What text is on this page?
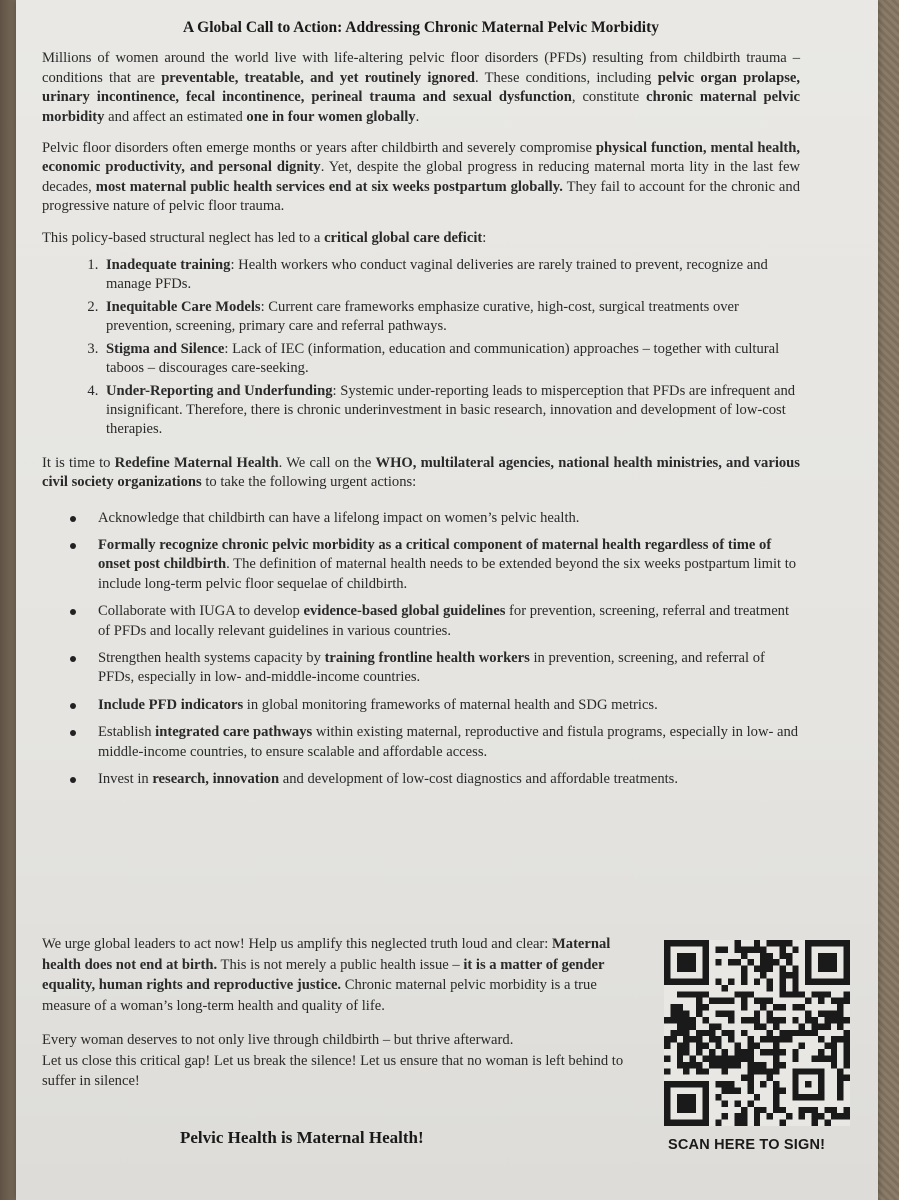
A Global Call to Action: Addressing Chronic Maternal Pelvic Morbidity

Millions of women around the world live with life-altering pelvic floor disorders (PFDs) resulting from childbirth trauma – conditions that are preventable, treatable, and yet routinely ignored. These conditions, including pelvic organ prolapse, urinary incontinence, fecal incontinence, perineal trauma and sexual dysfunction, constitute chronic maternal pelvic morbidity and affect an estimated one in four women globally.

Pelvic floor disorders often emerge months or years after childbirth and severely compromise physical function, mental health, economic productivity, and personal dignity. Yet, despite the global progress in reducing maternal morta lity in the last few decades, most maternal public health services end at six weeks postpartum globally. They fail to account for the chronic and progressive nature of pelvic floor trauma.

This policy-based structural neglect has led to a critical global care deficit:

1. Inadequate training: Health workers who conduct vaginal deliveries are rarely trained to prevent, recognize and manage PFDs.
2. Inequitable Care Models: Current care frameworks emphasize curative, high-cost, surgical treatments over prevention, screening, primary care and referral pathways.
3. Stigma and Silence: Lack of IEC (information, education and communication) approaches – together with cultural taboos – discourages care-seeking.
4. Under-Reporting and Underfunding: Systemic under-reporting leads to misperception that PFDs are infrequent and insignificant. Therefore, there is chronic underinvestment in basic research, innovation and development of low-cost therapies.

It is time to Redefine Maternal Health. We call on the WHO, multilateral agencies, national health ministries, and various civil society organizations to take the following urgent actions:

Acknowledge that childbirth can have a lifelong impact on women’s pelvic health.
Formally recognize chronic pelvic morbidity as a critical component of maternal health regardless of time of onset post childbirth. The definition of maternal health needs to be extended beyond the six weeks postpartum limit to include long-term pelvic floor sequelae of childbirth.
Collaborate with IUGA to develop evidence-based global guidelines for prevention, screening, referral and treatment of PFDs and locally relevant guidelines in various countries.
Strengthen health systems capacity by training frontline health workers in prevention, screening, and referral of PFDs, especially in low- and-middle-income countries.
Include PFD indicators in global monitoring frameworks of maternal health and SDG metrics.
Establish integrated care pathways within existing maternal, reproductive and fistula programs, especially in low- and middle-income countries, to ensure scalable and affordable access.
Invest in research, innovation and development of low-cost diagnostics and affordable treatments.

We urge global leaders to act now! Help us amplify this neglected truth loud and clear: Maternal health does not end at birth. This is not merely a public health issue – it is a matter of gender equality, human rights and reproductive justice. Chronic maternal pelvic morbidity is a true measure of a woman’s long-term health and quality of life.

Every woman deserves to not only live through childbirth – but thrive afterward.
Let us close this critical gap! Let us break the silence! Let us ensure that no woman is left behind to suffer in silence!

Pelvic Health is Maternal Health!	SCAN HERE TO SIGN!
